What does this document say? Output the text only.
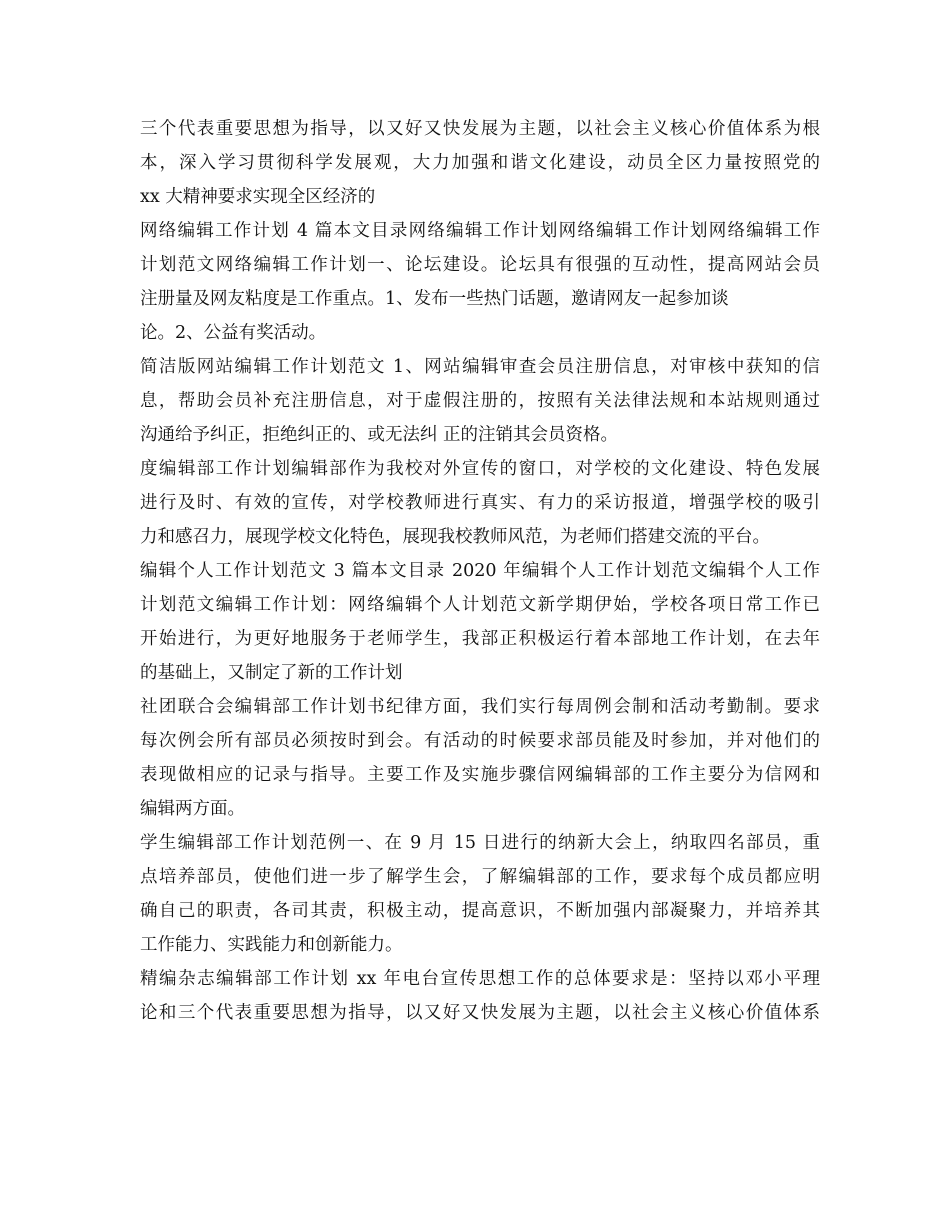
三个代表重要思想为指导，以又好又快发展为主题，以社会主义核心价值体系为根
本，深入学习贯彻科学发展观，大力加强和谐文化建设，动员全区力量按照党的
xx 大精神要求实现全区经济的
网络编辑工作计划 4 篇本文目录网络编辑工作计划网络编辑工作计划网络编辑工作
计划范文网络编辑工作计划一、论坛建设。论坛具有很强的互动性，提高网站会员
注册量及网友粘度是工作重点。1、发布一些热门话题，邀请网友一起参加谈
论。2、公益有奖活动。
简洁版网站编辑工作计划范文 1、网站编辑审查会员注册信息，对审核中获知的信
息，帮助会员补充注册信息，对于虚假注册的，按照有关法律法规和本站规则通过
沟通给予纠正，拒绝纠正的、或无法纠 正的注销其会员资格。
度编辑部工作计划编辑部作为我校对外宣传的窗口，对学校的文化建设、特色发展
进行及时、有效的宣传，对学校教师进行真实、有力的采访报道，增强学校的吸引
力和感召力，展现学校文化特色，展现我校教师风范，为老师们搭建交流的平台。
编辑个人工作计划范文 3 篇本文目录 2020 年编辑个人工作计划范文编辑个人工作
计划范文编辑工作计划：网络编辑个人计划范文新学期伊始，学校各项日常工作已
开始进行，为更好地服务于老师学生，我部正积极运行着本部地工作计划，在去年
的基础上，又制定了新的工作计划
社团联合会编辑部工作计划书纪律方面，我们实行每周例会制和活动考勤制。要求
每次例会所有部员必须按时到会。有活动的时候要求部员能及时参加，并对他们的
表现做相应的记录与指导。主要工作及实施步骤信网编辑部的工作主要分为信网和
编辑两方面。
学生编辑部工作计划范例一、在 9 月 15 日进行的纳新大会上，纳取四名部员，重
点培养部员，使他们进一步了解学生会，了解编辑部的工作，要求每个成员都应明
确自己的职责，各司其责，积极主动，提高意识，不断加强内部凝聚力，并培养其
工作能力、实践能力和创新能力。
精编杂志编辑部工作计划 xx 年电台宣传思想工作的总体要求是：坚持以邓小平理
论和三个代表重要思想为指导，以又好又快发展为主题，以社会主义核心价值体系
